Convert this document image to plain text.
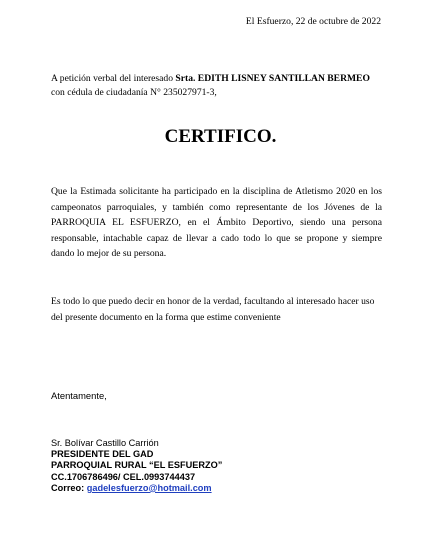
El Esfuerzo, 22 de octubre de 2022
A petición verbal del interesado Srta. EDITH LISNEY SANTILLAN BERMEO con cédula de ciudadanía N° 235027971-3,
CERTIFICO.
Que la Estimada solicitante ha participado en la disciplina de Atletismo 2020 en los campeonatos parroquiales, y también como representante de los Jóvenes de la PARROQUIA EL ESFUERZO, en el Ámbito Deportivo, siendo una persona responsable, intachable capaz de llevar a cado todo lo que se propone y siempre dando lo mejor de su persona.
Es todo lo que puedo decir en honor de la verdad, facultando al interesado hacer uso del presente documento en la forma que estime conveniente
Atentamente,
Sr. Bolívar Castillo Carrión
PRESIDENTE DEL GAD
PARROQUIAL RURAL “EL ESFUERZO”
CC.1706786496/ CEL.0993744437
Correo: gadelesfuerzo@hotmail.com
